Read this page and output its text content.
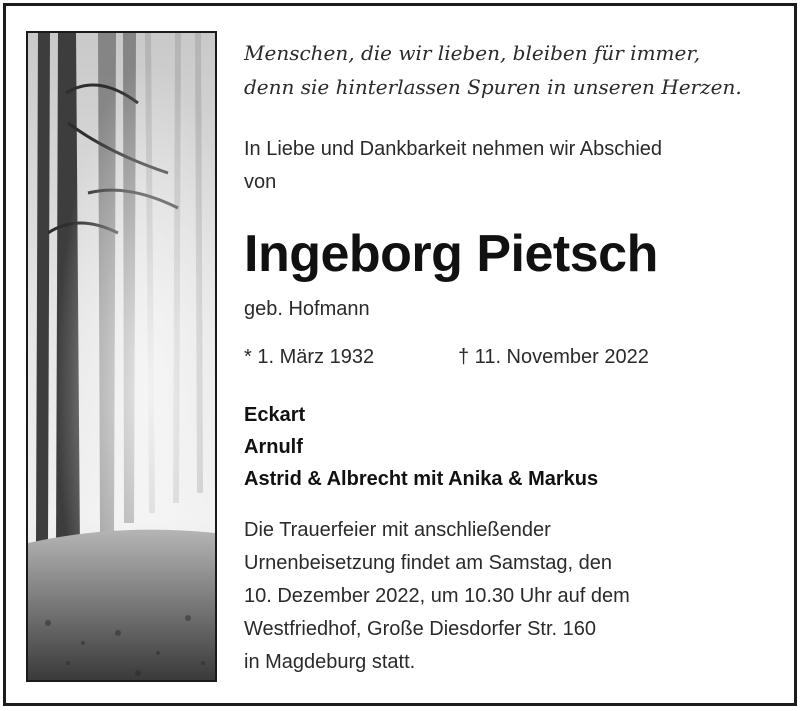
Menschen, die wir lieben, bleiben für immer,
denn sie hinterlassen Spuren in unseren Herzen.
In Liebe und Dankbarkeit nehmen wir Abschied
von
Ingeborg Pietsch
geb. Hofmann
* 1. März 1932	† 11. November 2022
Eckart
Arnulf
Astrid & Albrecht mit Anika & Markus
Die Trauerfeier mit anschließender
Urnenbeisetzung findet am Samstag, den
10. Dezember 2022, um 10.30 Uhr auf dem
Westfriedhof, Große Diesdorfer Str. 160
in Magdeburg statt.
